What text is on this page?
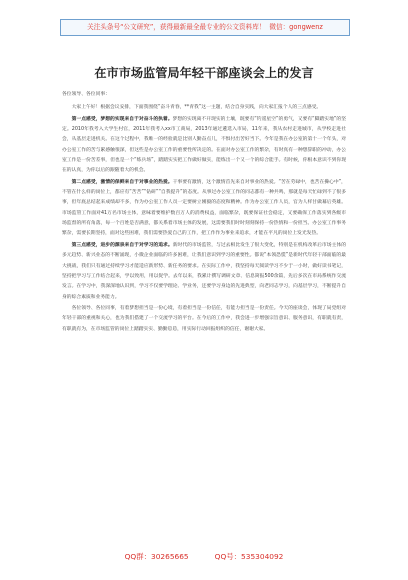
关注头条号“公文研究”，获得最新最全最专业的公文资料库！ 微信：gongwenz
在市市场监管局年轻干部座谈会上的发言

各位领导、各位同事：

大家上午好！根据会议安排，下面我围绕“奋斗青春，**青我”这一主题，结合自身实践，向大家汇报个人的三点感受。

第一点感受，梦想的实现来自于对奋斗的执着。梦想的实现离不开现实的土壤，既要有“钓遥星空”的勇气，又要有“脚踏实地”的坚定。2010年我考入大学生村官，2011年我考入xx市工商局，2013年通过遴选入市局，11年来，我从农村走进城市，从学校走进社会，从基层走进机关。在这个过程中，我唯一的经验就是比别人勤奋点儿，不惧付出苦好当下。今年是我在办公室的第十一个年头，对办公室工作的苦与累感触很深，但这些是办公室工作的重要性所决定的。在面对办公室工作的繁杂，有时真有一种想辞职的冲动，办公室工作是一份苦差事，但也是一个“练兵场”，踏踏实实把工作做好做实，能练出一个又一个的综合能手。有时候，你根本意识不到你现在的认真，为你以后的跟随着大的机会。

第二点感受，激情的保鲜来自于对事业的热爱。干事要有激情，这个激情首先来自对事业的热爱。“苦在劳碌中，也苦在操心中”，不管在什么样的岗位上，都应有“苦苦”“钻研”“自我提升”的态度。从事过办公室工作的同志都有一种共鸣，那就是每天忙碌到不了很多事，但年底总结起来成绩却不多，作为办公室工作人员一定要树立刚毅的态度和精神。作为办公室工作人员，官为人样甘做幕后英雄。市场监管工作面对41万名市场主体，意味着要维护数百万人的消费权益，面临繁杂，既要保证社会稳定，又要确保工作落实到各级市场监督的所有角落，每一个百姓是否满意，都关系着市场主体的发展，这需要我们时时刻刻保持一份热情和一份担当。办公室工作事务繁杂，需要长期坚持，面对这些困难，我们需要热爱自己的工作，把工作作为事业来追求，才能在平凡的岗位上发光发热。

第三点感受，进步的源泉来自于对学习的追求。新时代的市场监管，与过去相比发生了很大变化，特别是在机构改革后市场主体的多元趋势、新兴业态的不断涌现，小微企业面临的许多困难，让我们意识到学习的重要性。都说“本领恐慌”是新时代年轻干部面临的最大挑战，我们只有通过持续学习才能适应新形势、新任务的要求。在实际工作中，我坚持每天阅读学习不少于一小时，做好读书笔记，坚持把学习与工作结合起来，学以致用，用以促学。去年以来，我累计撰写调研文章、信息简报500余篇，先后多次在市局系统作交流发言。在学习中，我深深地认识到，学习不仅要学理论、学业务，还要学习身边的先进典型，向老同志学习，向基层学习，不断提升自身的综合素质和业务能力。

各位领导、各位同事，有着梦想担当是一份心境，有着担当是一份信任，有能力担当是一份责任。今天的座谈会，体现了局党组对年轻干部的重视和关心，也为我们搭建了一个交流学习的平台。在今后的工作中，我会进一步增强宗旨意识、服务意识，有职就有责，有职就有为，在市场监管的岗位上踏踏实实、勤勤恳恳，用实际行动回报组织的信任，谢谢大家。

QQ群：30265665	QQ号：535304092
